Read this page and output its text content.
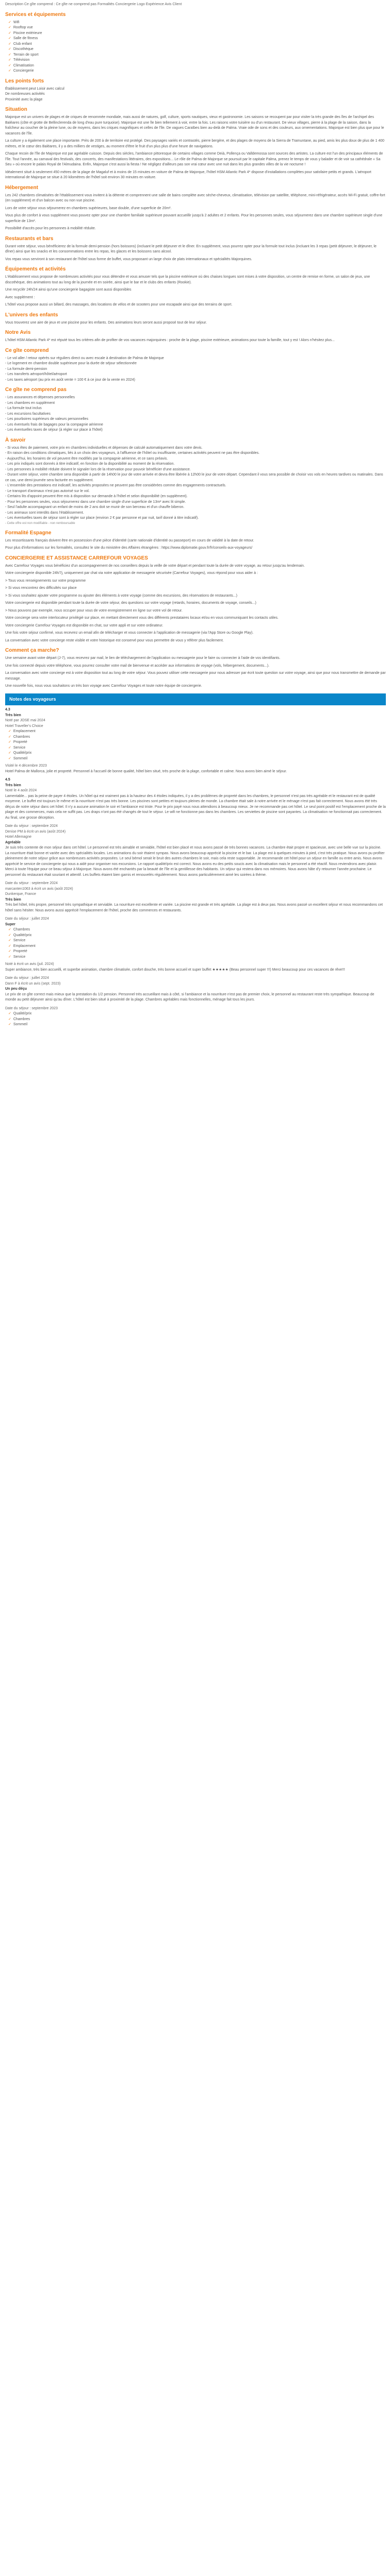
Description Ce gîte comprend : Ce gîte ne comprend pas Formalités Conciergerie Logo Expérience Avis Client

Services et équipements
✓ Wifi
✓ Rooftop vue
✓ Piscine extérieure
✓ Salle de fitness
✓ Club enfant
✓ Discothèque
✓ Terrain de sport
✓ Télévision
✓ Climatisation
✓ Conciergerie
Les points forts
Établissement peut Loisir avec calcul
De nombreuses activités
Proximité avec la plage
Situation

Majorque est un univers de plages et de criques de renommée mondiale, mais aussi de natures, golf, culture, sports nautiques, vieux et gastronomie. Les saisons se recoupent par pour visiter la très grande des îles de l'archipel des Baléares (côte et grotte de Bellinclerenda de long d'eau pure turquoise). Majorque est une île bien tellement à voir, entre la fois. Les raisons votre tuisière ou d'un restaurant. De vieux villages, pierre à la plage de la saison, dans la fraîcheur au coucher de la pleine lune, ou de moyens, dans les criques magnifiques et celles de l'île. De vagues Caraïbes bien au-delà de Palma. Vraie ode de sons et des couleurs, aux ornementations. Majorque est bien plus que pour le vacances de l'île.

La culture y a également une place importante. Près de 200 à de territoire est protégé. Des paysages variés et contrastés, pierre bergère, et des plages de moyens de la Sierra de Tramuntane, au pied, amis les plus doux de plus de 1 400 mètres, et le cœur des Baléares, il y a des milliers de vestiges, au moment d'être le fruit d'un plus plus d'une heure de navigations.

Chaque recoin de l'île de Majorque est par agréable cuisson. Depuis des siècles, l'ambiance pittoresque de certains villages comme Deià, Pollença ou Valldemossa sont sources des artistes. La culture est l'un des principaux éléments de l'île. Tout l'année, au carnaval des festivals, des concerts, des manifestations littéraires, des expositions... Le rôle de Palma de Majorque se poursuit par le capitale Palma, prenez le temps de vous y balader et de voir sa cathédrale « Sa Seu » où encore le palais Royal de l'Almudaina. Enfin, Majorque c'est aussi la fiesta ! Ne négligez d'ailleurs pas son vrai cœur avec une nuit dans les plus grandes villes de la vie nocturne !

Idéalement situé à seulement 450 mètres de la plage de Magaluf et à moins de 15 minutes en voiture de Palma de Majorque, l'hôtel HSM Atlantic Park 4* dispose d'installations complètes pour satisfaire petits et grands. L'aéroport international de Majorque se situe à 20 kilomètres de l'hôtel soit environ 30 minutes en voiture.

Hébergement

Les 242 chambres climatisées de l'établissement vous invitent à la détente et comprennent une salle de bains complète avec sèche-cheveux, climatisation, télévision par satellite, téléphone, mini-réfrigérateur, accès Wi-Fi gratuit, coffre-fort (en supplément) et d'un balcon avec ou non vue piscine.

Lors de votre séjour vous séjournerez en chambres supérieures, base double, d'une superficie de 20m².

Vous plus de confort à vous supplément vous pouvez opter pour une chambre familiale supérieure pouvant accueillir jusqu'à 2 adultes et 2 enfants. Pour les personnes seules, vous séjournerez dans une chambre supérieure single d'une superficie de 13m².

Possibilité d'accès pour les personnes à mobilité réduite.

Restaurants et bars

Durant votre séjour, vous bénéficierez de la formule demi-pension (hors boissons) (incluant le petit déjeuner et le dîner. En supplément, vous pourrez opter pour la formule tout inclus (incluant les 3 repas (petit déjeuner, le déjeuner, le dîner) ainsi que les snacks et les consommations entre les repas, les glaces et les boissons sans alcool.

Vos repas vous serviront à son restaurant de l'hôtel sous forme de buffet, vous proposant un large choix de plats internationaux et spécialités Majorquines.

Équipements et activités

L'établissement vous propose de nombreuses activités pour vous détendre et vous amuser tels que la piscine extérieure où des chaises longues sont mises à votre disposition, un centre de remise en forme, un salon de jeux, une discothèque, des animations tout au long de la journée et en soirée, ainsi que le bar et le clubs des enfants (Rookie).

Une recyclèr 24h/24 ainsi qu'une conciergerie bagagiste sont aussi disponibles

Avec supplément :

L'hôtel vous propose aussi un billard, des massages, des locations de vélos et de scooters pour une escapade ainsi que des terrains de sport.

L'univers des enfants

Vous trouverez une aire de jeux et une piscine pour les enfants. Des animations leurs seront aussi proposé tout de leur séjour.

Notre Avis

L'hôtel HSM Atlantic Park 4* est réputé tous les critères afin de profiter de vos vacances majorquines : proche de la plage, piscine extérieure, animations pour toute la famille, tout y est ! Alors n'hésitez plus...

Ce gîte comprend
- Le vol aller / retour opérés sur réguliers direct ou avec escale à destination de Palma de Majorque
- Le logement en chambre double supérieure pour la durée de séjour sélectionnée
- La formule demi-pension
- Les transferts aéroport/hôtel/aéroport
- Les taxes aéroport (au prix en août vente = 100 € à ce jour de la vente en 2024)
Ce gîte ne comprend pas
- Les assurances et dépenses personnelles
- Les chambres en supplément
- La formule tout inclus
- Les excursions facultatives
- Les pourboires supérieurs de valeurs personnelles
- Les éventuels frais de bagages pour la compagnie aérienne
- Les éventuelles taxes de séjour (à régler sur place à l'hôtel)
À savoir
- Si vous êtes de paiement, votre prix en chambres individuelles et dépenses de calculé automatiquement dans votre devis.
- En raison des conditions climatiques, liés à un choix des voyageurs, à l'affluence de l'hôtel ou insuffisante, certaines activités peuvent ne pas être disponibles.
- Aujourd'hui, les horaires de vol peuvent être modifiés par la compagnie aérienne, et ce sans préavis.
- Les prix indiqués sont donnés à titre indicatif, en fonction de la disponibilité au moment de la réservation.
- Les personnes à mobilité réduite doivent le signaler lors de la réservation pour pouvoir bénéficier d'une assistance.
- Durant votre séjour, votre chambre sera disponible à partir de 14h00 le jour de votre arrivée et devra être libérée à 12h00 le jour de votre départ. Cependant il vous sera possible de choisir vos vols en heures tardives ou matinales. Dans ce cas, une demi-journée sera facturée en supplément.
- L'ensemble des prestations est indicatif, les activités proposées ne peuvent pas être considérées comme des engagements contractuels.
- Le transport d'animaux n'est pas autorisé sur le vol.
- Certains lits d'appoint peuvent être mis à disposition sur demande à l'hôtel et selon disponibilité (en supplément).
- Pour les personnes seules, vous séjournerez dans une chambre single d'une superficie de 13m² avec lit simple.
- Seul l'adulte accompagnant un enfant de moins de 2 ans doit se munir de son berceau et d'un chauffe biberon.
- Les animaux sont interdits dans l'établissement.
- Les éventuelles taxes de séjour sont à régler sur place (environ 2 € par personne et par nuit, tarif donné à titre indicatif).

- Cette offre est non modifiable - non remboursable

Formalité Espagne

Les ressortissants français doivent être en possession d'une pièce d'identité (carte nationale d'identité ou passeport) en cours de validité à la date de retour.

Pour plus d'informations sur les formalités, consultez le site du ministère des Affaires étrangères : https://www.diplomatie.gouv.fr/fr/conseils-aux-voyageurs/

CONCIERGERIE ET ASSISTANCE CARREFOUR VOYAGES

Avec Carrefour Voyages vous bénéficiez d'un accompagnement de nos conseillers depuis la veille de votre départ et pendant toute la durée de votre voyage, au retour jusqu'au lendemain.

Votre conciergerie disponible 24h/7j, uniquement par chat via notre application de messagerie sécurisée (Carrefour Voyages), vous répond pour vous aider à :

> Tous vous renseignements sur votre programme

> Si vous rencontrez des difficultés sur place

> Si vous souhaitez ajouter votre programme ou ajouter des éléments à votre voyage (comme des excursions, des réservations de restaurants...)

Votre conciergerie est disponible pendant toute la durée de votre séjour, des questions sur votre voyage (retards, horaires, documents de voyage, conseils...)

> Nous pouvons par exemple, nous occuper pour vous de votre enregistrement en ligne sur votre vol de retour.

Votre concierge sera votre interlocuteur privilégié sur place, en mettant directement vous des différents prestataires locaux et/ou en vous communiquant les contacts utiles.

Votre conciergerie Carrefour Voyages est disponible en chat, sur votre appli et sur votre ordinateur.

Une fois votre séjour confirmé, vous recevrez un email afin de télécharger et vous connecter à l'application de messagerie (via l'App Store ou Google Play).

La conversation avec votre concierge reste visible et votre historique est conservé pour vous permettre de vous y référer plus facilement.

Comment ça marche?

Une semaine avant votre départ (J-7), vous recevrez par mail, le lien de téléchargement de l'application ou messagerie pour le faire ou connecter à l'aide de vos identifiants.

Une fois connecté depuis votre téléphone, vous pourrez consulter votre mail de bienvenue et accéder aux informations de voyage (vols, hébergement, documents...).

La conversation avec votre concierge est à votre disposition tout au long de votre séjour. Vous pouvez utiliser cette messagerie pour nous adresser par écrit toute question sur votre voyage, ainsi que pour nous transmettre de demande par message.

Une nouvelle fois, nous vous souhaitons un très bon voyage avec Carrefour Voyages et toute notre équipe de conciergerie.

Notes des voyageurs
4.3
Très bien
Noté par JOSE mai 2024
Hotel Traveller's Choice
✓ Emplacement
✓ Chambres
✓ Propreté
✓ Service
✓ Qualité/prix
✓ Sommeil
Visité le 4 décembre 2023

Hotel Palma de Mallorca, jolie et propreté. Personnel à l'accueil de bonne qualité, hôtel bien situé, très proche de la plage, confortable et calme. Nous avons bien aimé le séjour.

4.5
Très bien
Noté le 4 août 2024

Lamentable... pas la peine de payer 4 étoiles. Un hôtel qui est vraiment pas à la hauteur des 4 étoiles indiquées, il y a des problèmes de propreté dans les chambres, le personnel n'est pas très agréable et le restaurant est de qualité moyenne. Le buffet est toujours le même et la nourriture n'est pas très bonne. Les piscines sont petites et toujours pleines de monde. La chambre était sale à notre arrivée et le ménage n'est pas fait correctement. Nous avons été très déçus de notre séjour dans cet hôtel. Il n'y a aucune animation le soir et l'ambiance est triste. Pour le prix payé nous nous attendions à beaucoup mieux. Je ne recommande pas cet hôtel. Le seul point positif est l'emplacement proche de la plage et des commerces, mais cela ne suffit pas. Les draps n'ont pas été changés de tout le séjour. Le wifi ne fonctionne pas dans les chambres. Les serviettes de piscine sont payantes. La climatisation ne fonctionnait pas correctement. Au final, une grosse déception.

Date du séjour : septembre 2024
Denise PM à écrit un avis (août 2024)
Hotel Allemagne
Agréable

Je suis très contente de mon séjour dans cet hôtel. Le personnel est très aimable et serviable, l'hôtel est bien placé et nous avons passé de très bonnes vacances. La chambre était propre et spacieuse, avec une belle vue sur la piscine. La nourriture était bonne et variée avec des spécialités locales. Les animations du soir étaient sympas. Nous avons beaucoup apprécié la piscine et le bar. La plage est à quelques minutes à pied, c'est très pratique. Nous avons pu profiter pleinement de notre séjour grâce aux nombreuses activités proposées. Le seul bémol serait le bruit des autres chambres le soir, mais cela reste supportable. Je recommande cet hôtel pour un séjour en famille ou entre amis. Nous avons apprécié le service de conciergerie qui nous a aidé pour organiser nos excursions. Le rapport qualité/prix est correct. Nous avons eu des petits soucis avec la climatisation mais le personnel a été réactif. Nous reviendrons avec plaisir. Merci à toute l'équipe pour ce beau séjour à Majorque. Nous avons été enchantés par la beauté de l'île et la gentillesse des habitants. Un séjour qui restera dans nos mémoires. Nous avons hâte d'y retourner l'année prochaine. Le personnel du restaurant était souriant et attentif. Les buffets étaient bien garnis et renouvelés régulièrement. Nous avons particulièrement aimé les soirées à thème.

Date du séjour : septembre 2024
marcanten1063 à écrit un avis (août 2024)
Dunkerque, France
Très bien

Très bel hôtel, très propre, personnel très sympathique et serviable. La nourriture est excellente et variée. La piscine est grande et très agréable. La plage est à deux pas. Nous avons passé un excellent séjour et nous recommandons cet hôtel sans hésiter. Nous avons aussi apprécié l'emplacement de l'hôtel, proche des commerces et restaurants.

Date du séjour : juillet 2024
Super
✓ Chambres
✓ Qualité/prix
✓ Service
✓ Emplacement
✓ Propreté
✓ Service
Noté à écrit un avis (juil. 2024)

Super ambiance, très bien accueilli, et superbe animation, chambre climatisée, confort douche, très bonne accueil et super buffet ★★★★★ (Beau personnel super !!!) Merci beaucoup pour ces vacances de rêve!!!

Date du séjour : juillet 2024
Dann F à écrit un avis (sept. 2023)
Un peu déçu

Le prix de ce gîte correct mais mieux que la prestation du 1/2 pension. Personnel très accueillant mais à côté, si l'ambiance et la nourriture n'est pas de premier choix, le personnel au restaurant reste très sympathique. Beaucoup de monde au petit déjeuner ainsi qu'au dîner. L'hôtel est bien situé à proximité de la plage. Chambres agréables mais fonctionnelles, ménage fait tous les jours.

Date du séjour : septembre 2023
✓ Qualité/prix
✓ Chambres
✓ Sommeil
